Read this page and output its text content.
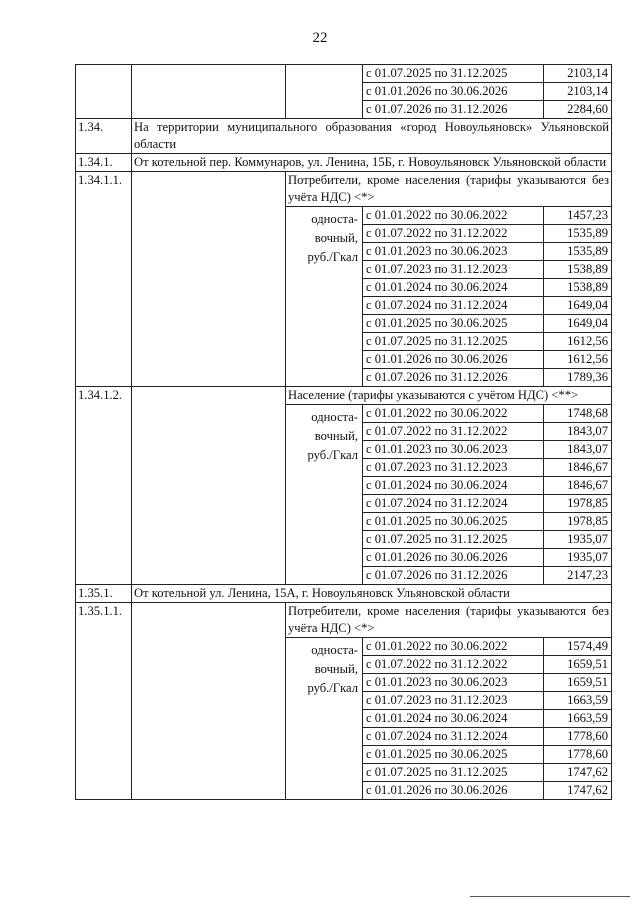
22
			с 01.07.2025 по 31.12.2025	2103,14
			с 01.01.2026 по 30.06.2026	2103,14
			с 01.07.2026 по 31.12.2026	2284,60
1.34.	На территории муниципального образования «город Новоульяновск» Ульяновской области			
1.34.1.	От котельной пер. Коммунаров, ул. Ленина, 15Б, г. Новоульяновск Ульяновской области			
1.34.1.1.		Потребители, кроме населения (тарифы указываются без учёта НДС) <*>		
		односта-вочный, руб./Гкал	с 01.01.2022 по 30.06.2022	1457,23
			с 01.07.2022 по 31.12.2022	1535,89
			с 01.01.2023 по 30.06.2023	1535,89
			с 01.07.2023 по 31.12.2023	1538,89
			с 01.01.2024 по 30.06.2024	1538,89
			с 01.07.2024 по 31.12.2024	1649,04
			с 01.01.2025 по 30.06.2025	1649,04
			с 01.07.2025 по 31.12.2025	1612,56
			с 01.01.2026 по 30.06.2026	1612,56
			с 01.07.2026 по 31.12.2026	1789,36
1.34.1.2.		Население (тарифы указываются с учётом НДС) <**>		
		односта-вочный, руб./Гкал	с 01.01.2022 по 30.06.2022	1748,68
			с 01.07.2022 по 31.12.2022	1843,07
			с 01.01.2023 по 30.06.2023	1843,07
			с 01.07.2023 по 31.12.2023	1846,67
			с 01.01.2024 по 30.06.2024	1846,67
			с 01.07.2024 по 31.12.2024	1978,85
			с 01.01.2025 по 30.06.2025	1978,85
			с 01.07.2025 по 31.12.2025	1935,07
			с 01.01.2026 по 30.06.2026	1935,07
			с 01.07.2026 по 31.12.2026	2147,23
1.35.1.	От котельной ул. Ленина, 15А, г. Новоульяновск Ульяновской области			
1.35.1.1.		Потребители, кроме населения (тарифы указываются без учёта НДС) <*>		
		односта-вочный, руб./Гкал	с 01.01.2022 по 30.06.2022	1574,49
			с 01.07.2022 по 31.12.2022	1659,51
			с 01.01.2023 по 30.06.2023	1659,51
			с 01.07.2023 по 31.12.2023	1663,59
			с 01.01.2024 по 30.06.2024	1663,59
			с 01.07.2024 по 31.12.2024	1778,60
			с 01.01.2025 по 30.06.2025	1778,60
			с 01.07.2025 по 31.12.2025	1747,62
			с 01.01.2026 по 30.06.2026	1747,62
